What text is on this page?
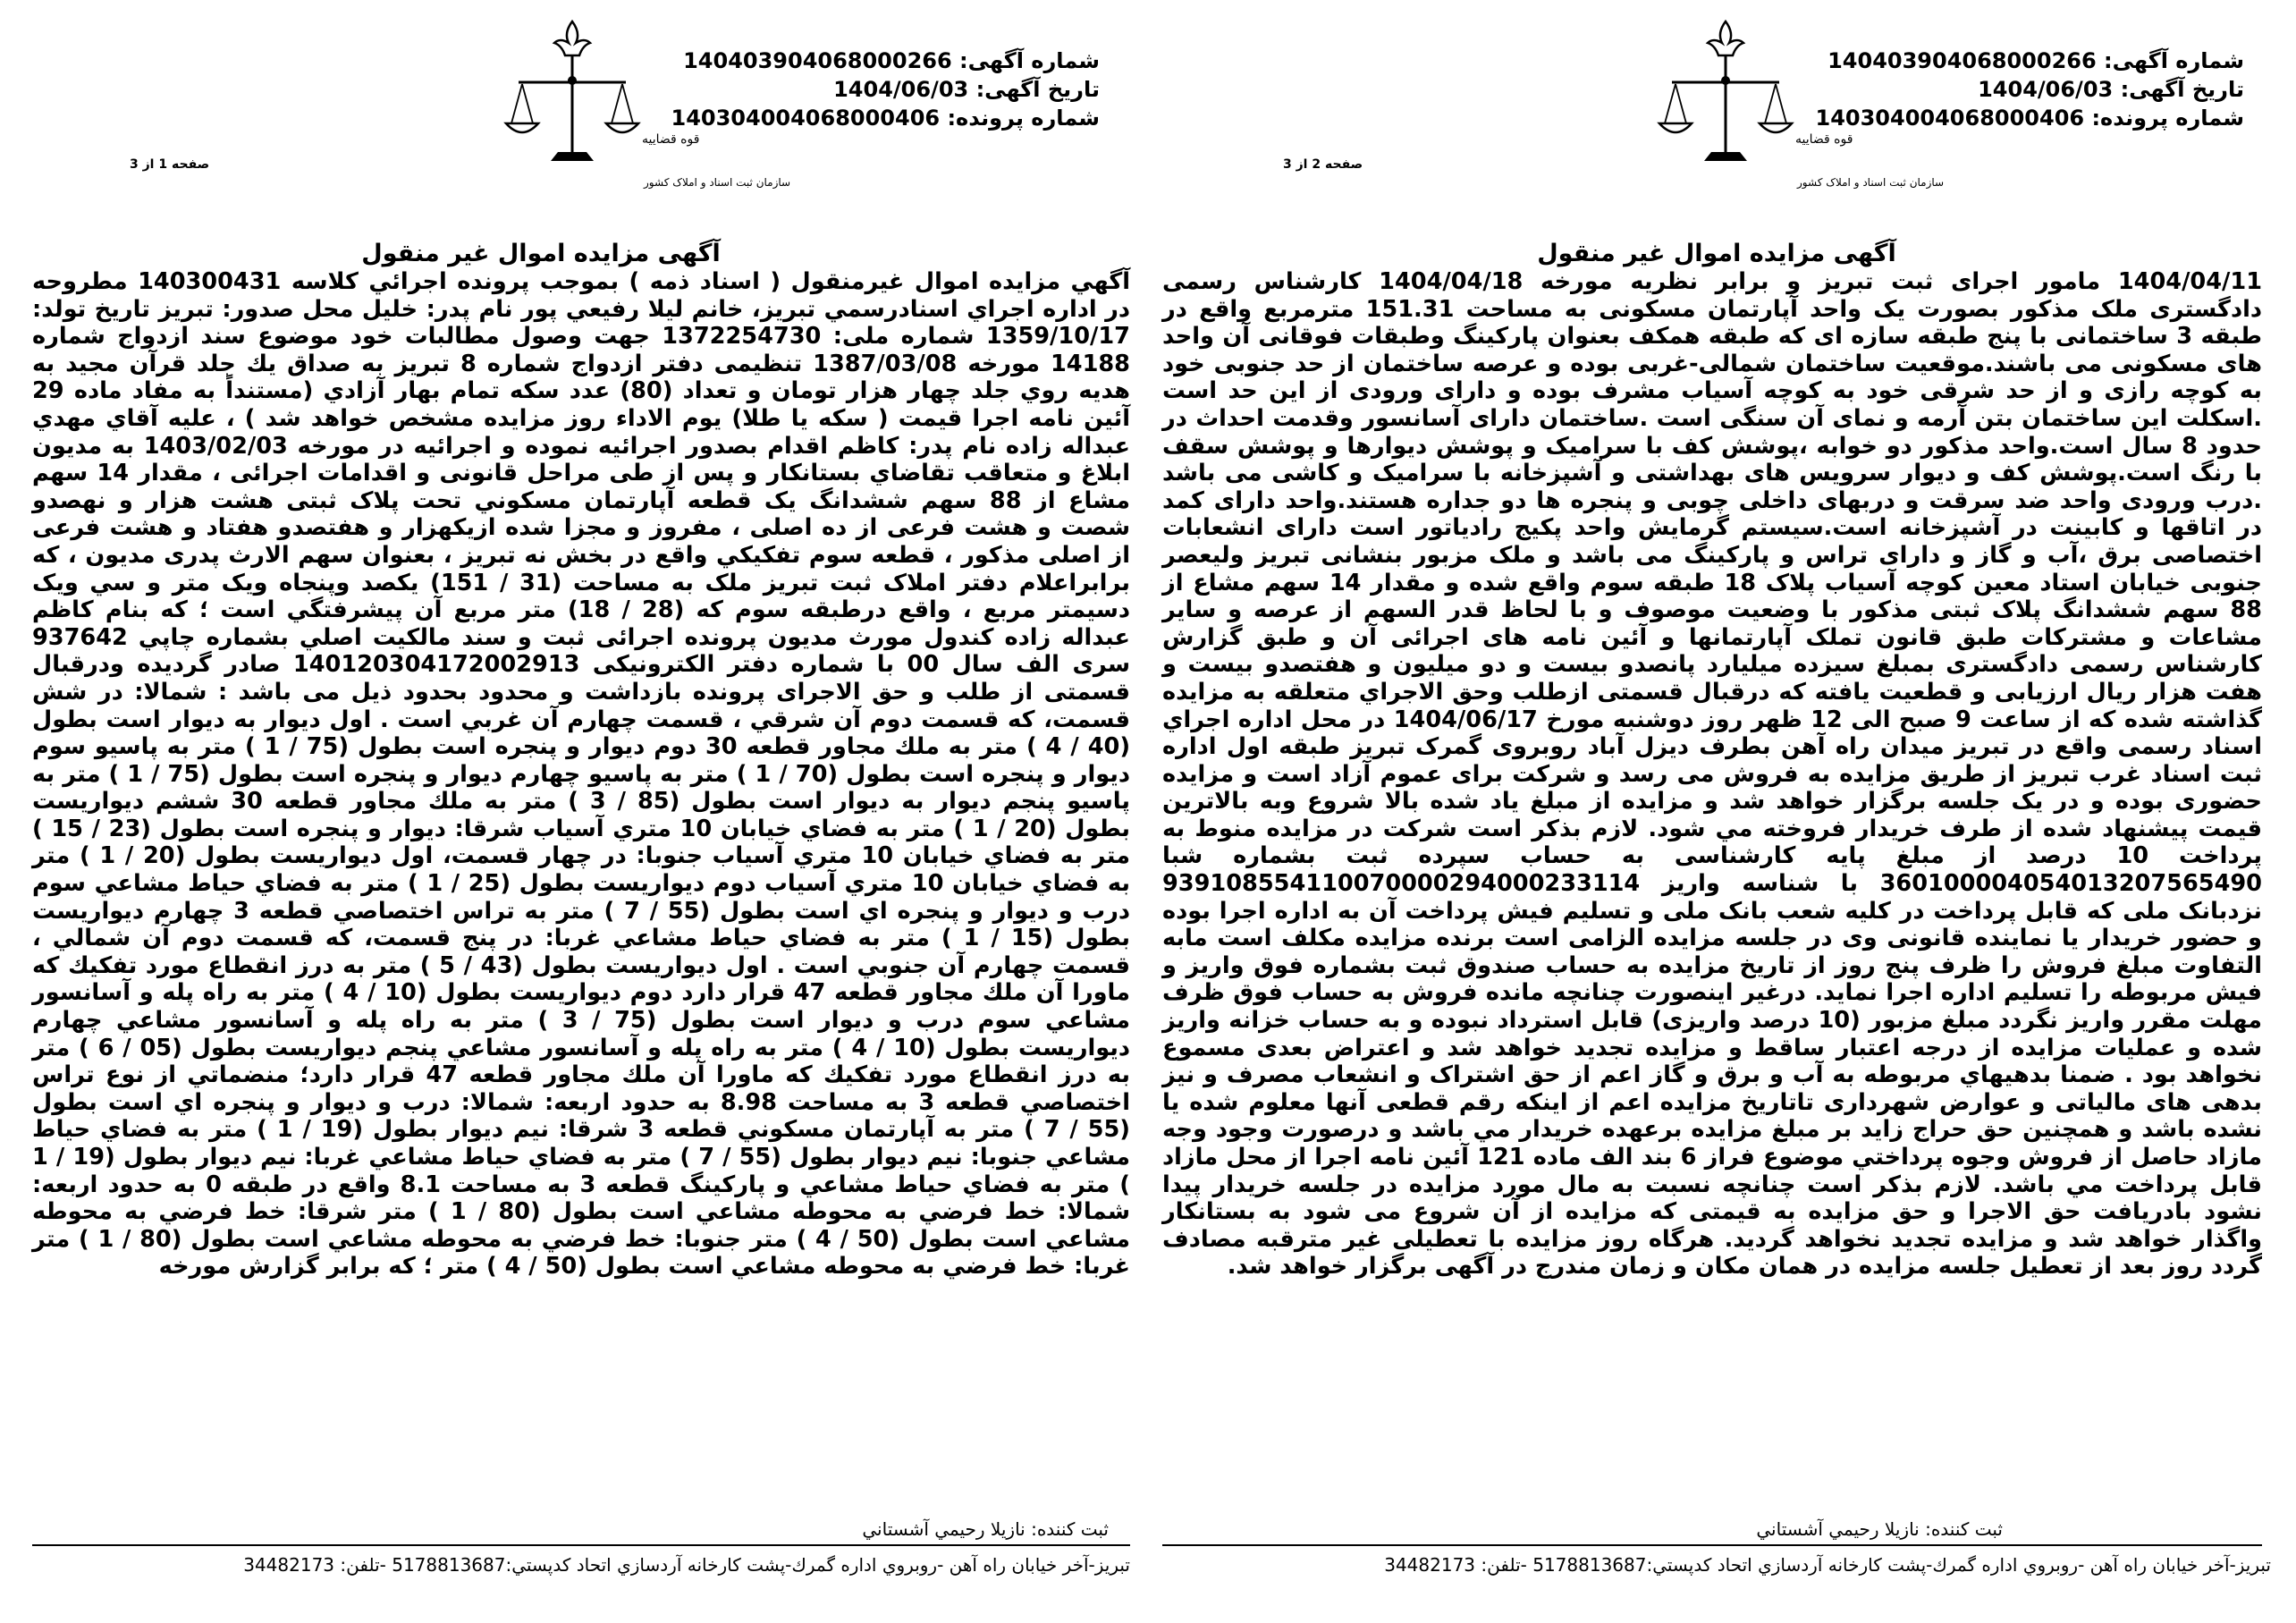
شماره آگهی: 140403904068000266
تاریخ آگهی: 1404/06/03
شماره پرونده: 140304004068000406
قوه قضاییه
سازمان ثبت اسناد و املاک کشور
صفحه 1 از 3
آگهی مزایده اموال غیر منقول

آگهي مزايده اموال غيرمنقول ( اسناد ذمه ) بموجب پرونده اجرائي كلاسه 140300431 مطروحه در اداره اجراي اسنادرسمي تبريز، خانم ليلا رفيعي پور نام پدر: خليل محل صدور: تبريز تاريخ تولد: 1359/10/17 شماره ملی: 1372254730 جهت وصول مطالبات خود موضوع سند ازدواج شماره 14188 مورخه 1387/03/08 تنظيمی دفتر ازدواج شماره 8 تبريز به صداق يك جلد قرآن مجيد به هديه روي جلد چهار هزار تومان و تعداد (80) عدد سكه تمام بهار آزادي (مستنداً به مفاد ماده 29 آئين نامه اجرا قيمت ( سكه يا طلا) يوم الاداء روز مزايده مشخص خواهد شد ) ، عليه آقاي مهدي عبداله زاده نام پدر: كاظم اقدام بصدور اجرائيه نموده و اجرائيه در مورخه 1403/02/03 به مديون ابلاغ و متعاقب تقاضاي بستانكار و پس از طی مراحل قانونی و اقدامات اجرائی ، مقدار 14 سهم مشاع از 88 سهم ششدانگ يک قطعه آپارتمان مسكوني تحت پلاک ثبتی هشت هزار و نهصدو شصت و هشت فرعی از ده اصلی ، مفروز و مجزا شده ازيکهزار و هفتصدو هفتاد و هشت فرعی از اصلی مذکور ، قطعه سوم تفكيكي واقع در بخش نه تبريز ، بعنوان سهم الارث پدری مديون ، كه برابراعلام دفتر املاک ثبت تبريز ملک به مساحت (31 / 151) يكصد وپنجاه ويک متر و سي ويک دسيمتر مربع ، واقع درطبقه سوم كه (28 / 18) متر مربع آن پيشرفتگي است ؛ كه بنام كاظم عبداله زاده كندول مورث مديون پرونده اجرائی ثبت و سند مالكيت اصلي بشماره چاپي 937642 سری الف سال 00 با شماره دفتر الکترونيکی 140120304172002913 صادر گرديده ودرقبال قسمتی از طلب و حق الاجرای پرونده بازداشت و محدود بحدود ذيل می باشد : شمالا: در شش قسمت، كه قسمت دوم آن شرقي ، قسمت چهارم آن غربي است . اول ديوار به ديوار است بطول (40 / 4 ) متر به ملك مجاور قطعه 30 دوم ديوار و پنجره است بطول (75 / 1 ) متر به پاسيو سوم ديوار و پنجره است بطول (70 / 1 ) متر به پاسيو چهارم ديوار و پنجره است بطول (75 / 1 ) متر به پاسيو پنجم ديوار به ديوار است بطول (85 / 3 ) متر به ملك مجاور قطعه 30 ششم ديواريست بطول (20 / 1 ) متر به فضاي خيابان 10 متري آسياب شرقا: ديوار و پنجره است بطول (23 / 15 ) متر به فضاي خيابان 10 متري آسياب جنوبا: در چهار قسمت، اول ديواريست بطول (20 / 1 ) متر به فضاي خيابان 10 متري آسياب دوم ديواريست بطول (25 / 1 ) متر به فضاي حياط مشاعي سوم درب و ديوار و پنجره اي است بطول (55 / 7 ) متر به تراس اختصاصي قطعه 3 چهارم ديواريست بطول (15 / 1 ) متر به فضاي حياط مشاعي غربا: در پنج قسمت، كه قسمت دوم آن شمالي ، قسمت چهارم آن جنوبي است . اول ديواريست بطول (43 / 5 ) متر به درز انقطاع مورد تفكيك كه ماورا آن ملك مجاور قطعه 47 قرار دارد دوم ديواريست بطول (10 / 4 ) متر به راه پله و آسانسور مشاعي سوم درب و ديوار است بطول (75 / 3 ) متر به راه پله و آسانسور مشاعي چهارم ديواريست بطول (10 / 4 ) متر به راه پله و آسانسور مشاعي پنجم ديواريست بطول (05 / 6 ) متر به درز انقطاع مورد تفكيك كه ماورا آن ملك مجاور قطعه 47 قرار دارد؛ منضماتي از نوع تراس اختصاصي قطعه 3 به مساحت 8.98 به حدود اربعه: شمالا: درب و ديوار و پنجره اي است بطول (55 / 7 ) متر به آپارتمان مسكوني قطعه 3 شرقا: نيم ديوار بطول (19 / 1 ) متر به فضاي حياط مشاعي جنوبا: نيم ديوار بطول (55 / 7 ) متر به فضاي حياط مشاعي غربا: نيم ديوار بطول (19 / 1 ) متر به فضاي حياط مشاعي و پاركينگ قطعه 3 به مساحت 8.1 واقع در طبقه 0 به حدود اربعه: شمالا: خط فرضي به محوطه مشاعي است بطول (80 / 1 ) متر شرقا: خط فرضي به محوطه مشاعي است بطول (50 / 4 ) متر جنوبا: خط فرضي به محوطه مشاعي است بطول (80 / 1 ) متر غربا: خط فرضي به محوطه مشاعي است بطول (50 / 4 ) متر ؛ كه برابر گزارش مورخه

ثبت كننده: نازيلا رحيمي آشستاني
تبريز-آخر خيابان راه آهن -روبروي اداره گمرك-پشت كارخانه آردسازي اتحاد كدپستي:5178813687 -تلفن: 34482173
شماره آگهی: 140403904068000266
تاریخ آگهی: 1404/06/03
شماره پرونده: 140304004068000406
قوه قضاییه
سازمان ثبت اسناد و املاک کشور
صفحه 2 از 3
آگهی مزایده اموال غیر منقول

1404/04/11 مامور اجرای ثبت تبريز و برابر نظريه مورخه 1404/04/18 كارشناس رسمی دادگستری ملک مذکور بصورت يک واحد آپارتمان مسکونی به مساحت 151.31 مترمربع واقع در طبقه 3 ساختمانی با پنج طبقه سازه ای که طبقه همکف بعنوان پارکينگ وطبقات فوقانی آن واحد های مسکونی می باشند.موقعيت ساختمان شمالی-غربی بوده و عرصه ساختمان از حد جنوبی خود به کوچه رازی و از حد شرقی خود به کوچه آسياب مشرف بوده و دارای ورودی از اين حد است .اسکلت اين ساختمان بتن آرمه و نمای آن سنگی است .ساختمان دارای آسانسور وقدمت احداث در حدود 8 سال است.واحد مذکور دو خوابه ،پوشش کف با سراميک و پوشش ديوارها و پوشش سقف با رنگ است.پوشش کف و ديوار سرويس های بهداشتی و آشپزخانه با سراميک و کاشی می باشد .درب ورودی واحد ضد سرقت و دربهای داخلی چوبی و پنجره ها دو جداره هستند.واحد دارای کمد در اتاقها و کابينت در آشپزخانه است.سيستم گرمايش واحد پکيج رادياتور است دارای انشعابات اختصاصی برق ،آب و گاز و دارای تراس و پارکينگ می باشد و ملک مزبور بنشانی تبريز وليعصر جنوبی خيابان استاد معين کوچه آسياب پلاک 18 طبقه سوم واقع شده و مقدار 14 سهم مشاع از 88 سهم ششدانگ پلاک ثبتی مذکور با وضعيت موصوف و با لحاظ قدر السهم از عرصه و ساير مشاعات و مشترکات طبق قانون تملک آپارتمانها و آئين نامه های اجرائی آن و طبق گزارش کارشناس رسمی دادگستری بمبلغ سيزده ميليارد پانصدو بيست و دو ميليون و هفتصدو بيست و هفت هزار ريال ارزيابی و قطعيت يافته كه درقبال قسمتی ازطلب وحق الاجراي متعلقه به مزايده گذاشته شده كه از ساعت 9 صبح الی 12 ظهر روز دوشنبه مورخ 1404/06/17 در محل اداره اجراي اسناد رسمی واقع در تبريز ميدان راه آهن بطرف ديزل آباد روبروی گمرک تبريز طبقه اول اداره ثبت اسناد غرب تبريز از طريق مزايده به فروش می رسد و شرکت برای عموم آزاد است و مزايده حضوری بوده و در يک جلسه برگزار خواهد شد و مزايده از مبلغ ياد شده بالا شروع وبه بالاترين قيمت پيشنهاد شده از طرف خريدار فروخته مي شود. لازم بذکر است شرکت در مزايده منوط به پرداخت 10 درصد از مبلغ پايه كارشناسی به حساب سپرده ثبت بشماره شبا 360100004054013207565490 با شناسه واريز 939108554110070000294000233114 نزدبانک ملی که قابل پرداخت در کليه شعب بانک ملی و تسليم فيش پرداخت آن به اداره اجرا بوده و حضور خريدار يا نماينده قانونی وی در جلسه مزايده الزامی است برنده مزايده مکلف است مابه التفاوت مبلغ فروش را ظرف پنج روز از تاريخ مزايده به حساب صندوق ثبت بشماره فوق واريز و فيش مربوطه را تسليم اداره اجرا نمايد. درغير اينصورت چنانچه مانده فروش به حساب فوق ظرف مهلت مقرر واريز نگردد مبلغ مزبور (10 درصد واريزی) قابل استرداد نبوده و به حساب خزانه واريز شده و عمليات مزايده از درجه اعتبار ساقط و مزايده تجديد خواهد شد و اعتراض بعدی مسموع نخواهد بود . ضمنا بدهيهاي مربوطه به آب و برق و گاز اعم از حق اشتراک و انشعاب مصرف و نيز بدهی های مالياتی و عوارض شهرداری تاتاريخ مزايده اعم از اينکه رقم قطعی آنها معلوم شده يا نشده باشد و همچنين حق حراج زايد بر مبلغ مزايده برعهده خريدار مي باشد و درصورت وجود وجه مازاد حاصل از فروش وجوه پرداختي موضوع فراز 6 بند الف ماده 121 آئين نامه اجرا از محل مازاد قابل پرداخت مي باشد. لازم بذکر است چنانچه نسبت به مال مورد مزايده در جلسه خريدار پيدا نشود بادريافت حق الاجرا و حق مزايده به قيمتی که مزايده از آن شروع می شود به بستانکار واگذار خواهد شد و مزايده تجديد نخواهد گرديد. هرگاه روز مزايده با تعطيلی غير مترقبه مصادف گردد روز بعد از تعطيل جلسه مزايده در همان مکان و زمان مندرج در آگهی برگزار خواهد شد.

ثبت كننده: نازيلا رحيمي آشستاني
تبريز-آخر خيابان راه آهن -روبروي اداره گمرك-پشت كارخانه آردسازي اتحاد كدپستي:5178813687 -تلفن: 34482173
